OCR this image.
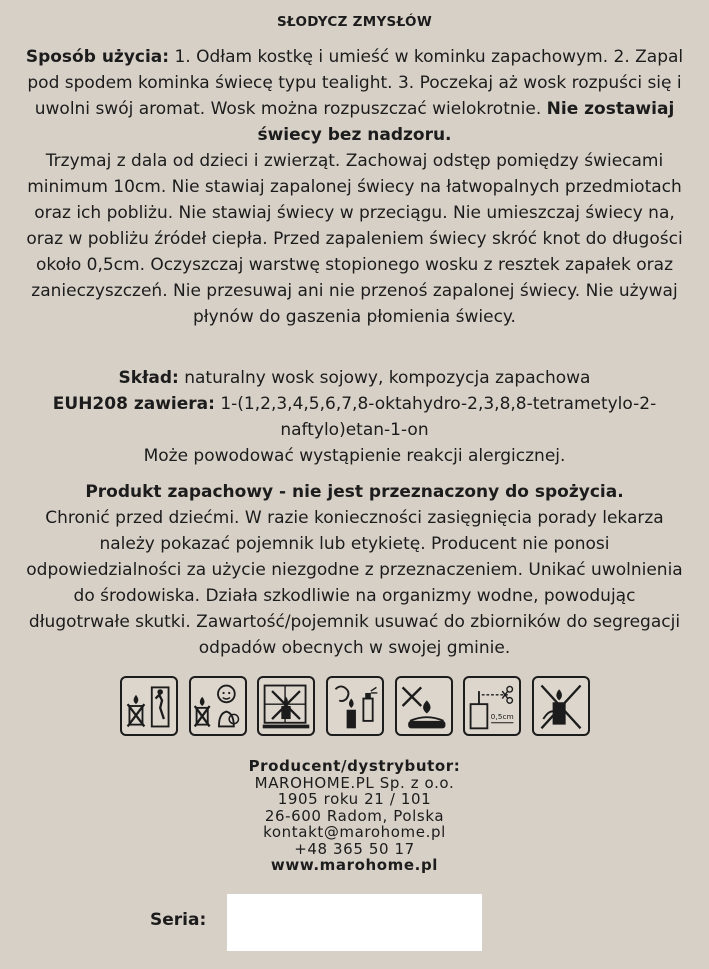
SŁODYCZ ZMYSŁÓW

Sposób użycia: 1. Odłam kostkę i umieść w kominku zapachowym. 2. Zapal pod spodem kominka świecę typu tealight. 3. Poczekaj aż wosk rozpuści się i uwolni swój aromat. Wosk można rozpuszczać wielokrotnie. Nie zostawiaj świecy bez nadzoru.

Trzymaj z dala od dzieci i zwierząt. Zachowaj odstęp pomiędzy świecami minimum 10cm. Nie stawiaj zapalonej świecy na łatwopalnych przedmiotach oraz ich pobliżu. Nie stawiaj świecy w przeciągu. Nie umieszczaj świecy na, oraz w pobliżu źródeł ciepła. Przed zapaleniem świecy skróć knot do długości około 0,5cm. Oczyszczaj warstwę stopionego wosku z resztek zapałek oraz zanieczyszczeń. Nie przesuwaj ani nie przenoś zapalonej świecy. Nie używaj płynów do gaszenia płomienia świecy.

Skład: naturalny wosk sojowy, kompozycja zapachowa

EUH208 zawiera: 1-(1,2,3,4,5,6,7,8-oktahydro-2,3,8,8-tetrametylo-2-naftylo)etan-1-on

Może powodować wystąpienie reakcji alergicznej.

Produkt zapachowy - nie jest przeznaczony do spożycia.

Chronić przed dziećmi. W razie konieczności zasięgnięcia porady lekarza należy pokazać pojemnik lub etykietę. Producent nie ponosi odpowiedzialności za użycie niezgodne z przeznaczeniem. Unikać uwolnienia do środowiska. Działa szkodliwie na organizmy wodne, powodując długotrwałe skutki. Zawartość/pojemnik usuwać do zbiorników do segregacji odpadów obecnych w swojej gminie.

0,5cm
Producent/dystrybutor:
MAROHOME.PL Sp. z o.o.
1905 roku 21 / 101
26-600 Radom, Polska
kontakt@marohome.pl
+48 365 50 17
www.marohome.pl
Seria:
